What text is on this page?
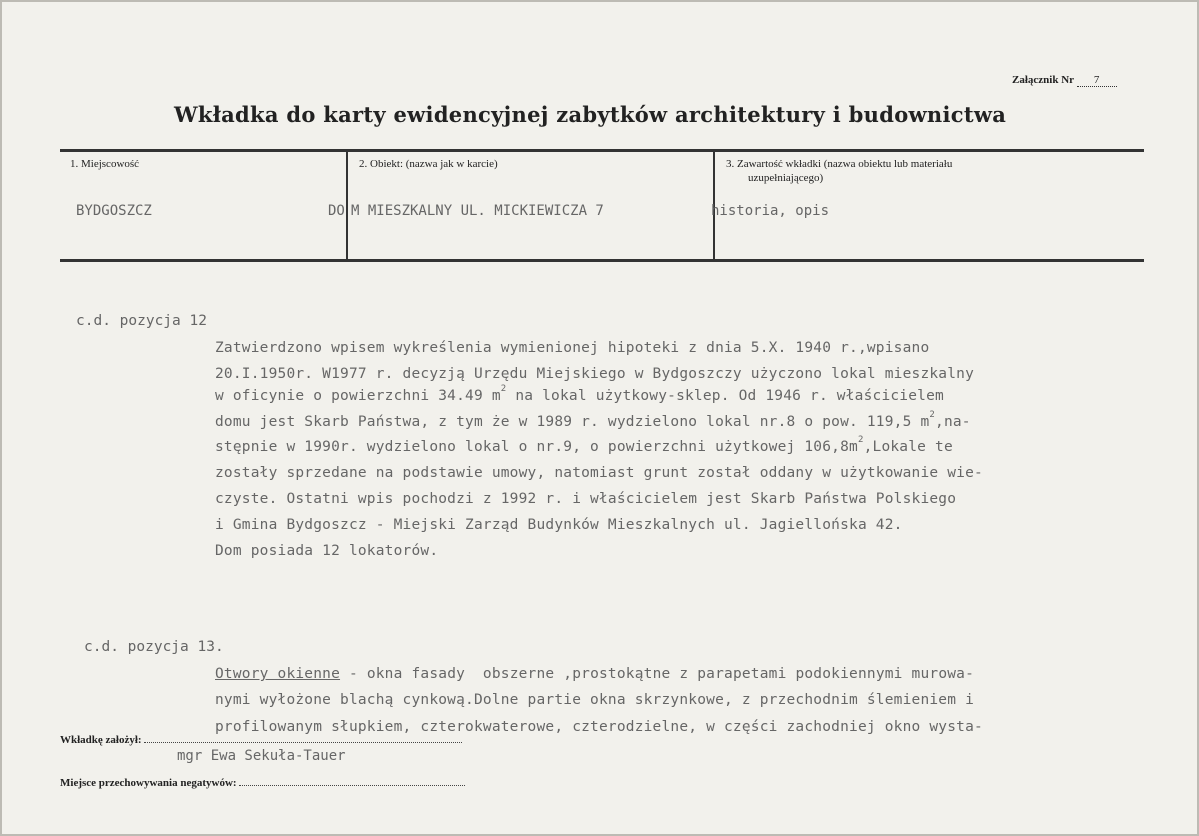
Załącznik Nr 7
Wkładka do karty ewidencyjnej zabytków architektury i budownictwa
1. Miejscowość	2. Obiekt: (nazwa jak w karcie)	3. Zawartość wkładki (nazwa obiektu lub materiału
uzupełniającego)
BYDGOSZCZ	DO M MIESZKALNY UL. MICKIEWICZA 7	historia, opis
c.d. pozycja 12
Zatwierdzono wpisem wykreślenia wymienionej hipoteki z dnia 5.X. 1940 r.,wpisano
20.I.1950r. W1977 r. decyzją Urzędu Miejskiego w Bydgoszczy użyczono lokal mieszkalny
w oficynie o powierzchni 34.49 $m^2$ na lokal użytkowy-sklep. Od 1946 r. właścicielem
domu jest Skarb Państwa, z tym że w 1989 r. wydzielono lokal nr.8 o pow. 119,5 $m^2,na-$
stępnie w 1990r. wydzielono lokal o nr.9, o powierzchni użytkowej $106,8m^2,Lokale$ te
zostały sprzedane na podstawie umowy, natomiast grunt został oddany w użytkowanie wie-
czyste. Ostatni wpis pochodzi z 1992 r. i właścicielem jest Skarb Państwa Polskiego
i Gmina Bydgoszcz - Miejski Zarząd Budynków Mieszkalnych ul. Jagiellońska 42.
Dom posiada 12 lokatorów.
c.d. pozycja 13.
Otwory okienne - okna fasady  obszerne ,prostokątne z parapetami podokiennymi murowa-
nymi wyłożone blachą cynkową.Dolne partie okna skrzynkowe, z przechodnim ślemieniem i
profilowanym słupkiem, czterokwaterowe, czterodzielne, w części zachodniej okno wysta-
Wkładkę założył:
mgr Ewa Sekuła-Tauer
Miejsce przechowywania negatywów:
